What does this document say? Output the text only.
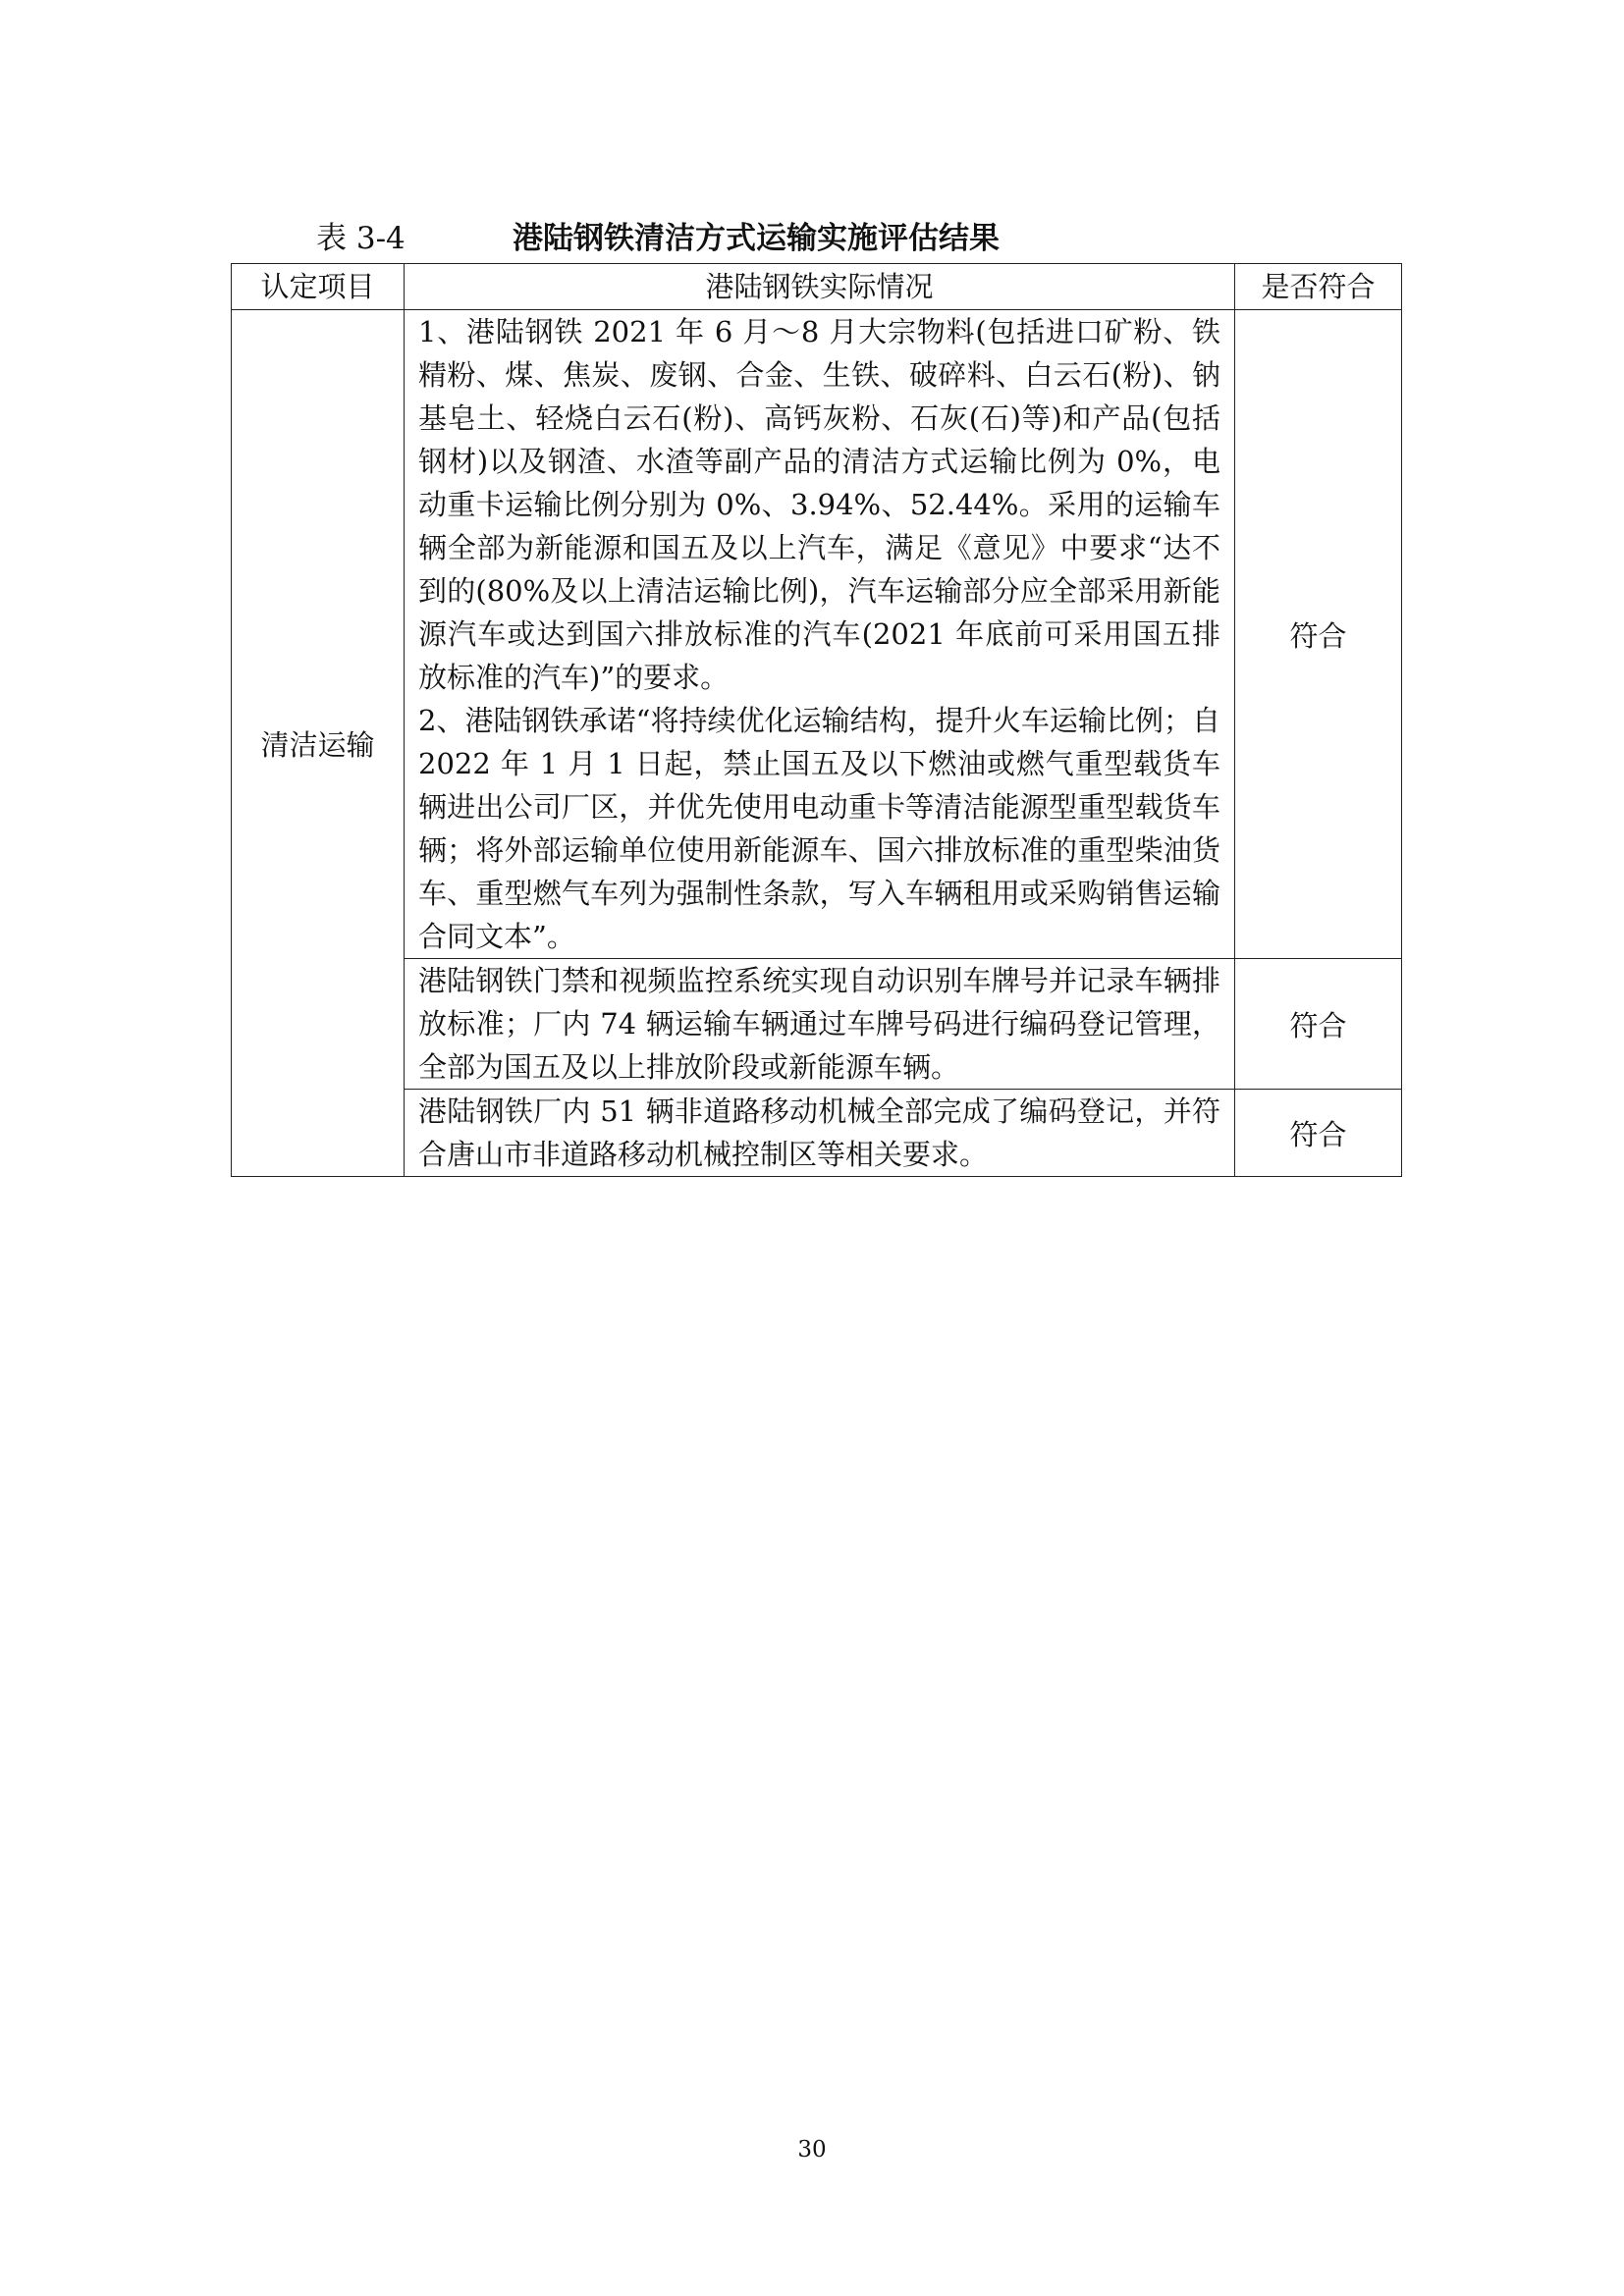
表 3-4	港陆钢铁清洁方式运输实施评估结果
认定项目	港陆钢铁实际情况	是否符合
清洁运输	1、港陆钢铁 2021 年 6 月～8 月大宗物料(包括进口矿粉、铁精粉、煤、焦炭、废钢、合金、生铁、破碎料、白云石(粉)、钠基皂土、轻烧白云石(粉)、高钙灰粉、石灰(石)等)和产品(包括钢材)以及钢渣、水渣等副产品的清洁方式运输比例为 0%，电动重卡运输比例分别为 0%、3.94%、52.44%。采用的运输车辆全部为新能源和国五及以上汽车，满足《意见》中要求“达不到的(80%及以上清洁运输比例)，汽车运输部分应全部采用新能源汽车或达到国六排放标准的汽车(2021 年底前可采用国五排放标准的汽车)”的要求。

2、港陆钢铁承诺“将持续优化运输结构，提升火车运输比例；自 2022 年 1 月 1 日起，禁止国五及以下燃油或燃气重型载货车辆进出公司厂区，并优先使用电动重卡等清洁能源型重型载货车辆；将外部运输单位使用新能源车、国六排放标准的重型柴油货车、重型燃气车列为强制性条款，写入车辆租用或采购销售运输合同文本”。	符合

	港陆钢铁门禁和视频监控系统实现自动识别车牌号并记录车辆排放标准；厂内 74 辆运输车辆通过车牌号码进行编码登记管理，全部为国五及以上排放阶段或新能源车辆。	符合

	港陆钢铁厂内 51 辆非道路移动机械全部完成了编码登记，并符合唐山市非道路移动机械控制区等相关要求。	符合
30
